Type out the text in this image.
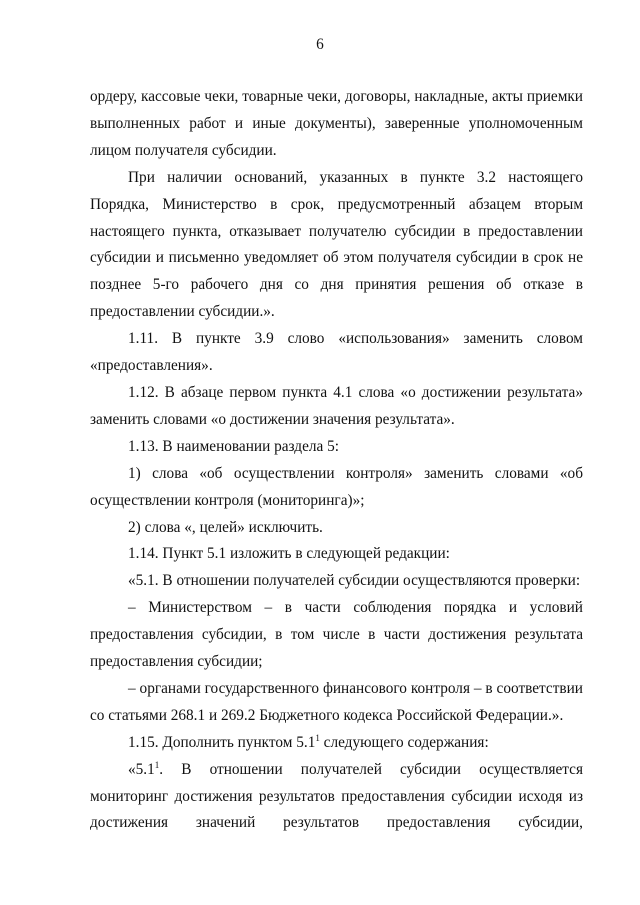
6

ордеру, кассовые чеки, товарные чеки, договоры, накладные, акты приемки выполненных работ и иные документы), заверенные уполномоченным лицом получателя субсидии.

При наличии оснований, указанных в пункте 3.2 настоящего Порядка, Министерство в срок, предусмотренный абзацем вторым настоящего пункта, отказывает получателю субсидии в предоставлении субсидии и письменно уведомляет об этом получателя субсидии в срок не позднее 5-го рабочего дня со дня принятия решения об отказе в предоставлении субсидии.».

1.11. В пункте 3.9 слово «использования» заменить словом «предоставления».

1.12. В абзаце первом пункта 4.1 слова «о достижении результата» заменить словами «о достижении значения результата».

1.13. В наименовании раздела 5:

1) слова «об осуществлении контроля» заменить словами «об осуществлении контроля (мониторинга)»;

2) слова «, целей» исключить.

1.14. Пункт 5.1 изложить в следующей редакции:

«5.1. В отношении получателей субсидии осуществляются проверки:

– Министерством – в части соблюдения порядка и условий предоставления субсидии, в том числе в части достижения результата предоставления субсидии;

– органами государственного финансового контроля – в соответствии со статьями 268.1 и 269.2 Бюджетного кодекса Российской Федерации.».

1.15. Дополнить пунктом $5.1^1$ следующего содержания:

«$5.1^1$. В отношении получателей субсидии осуществляется мониторинг достижения результатов предоставления субсидии исходя из достижения значений результатов предоставления субсидии,
